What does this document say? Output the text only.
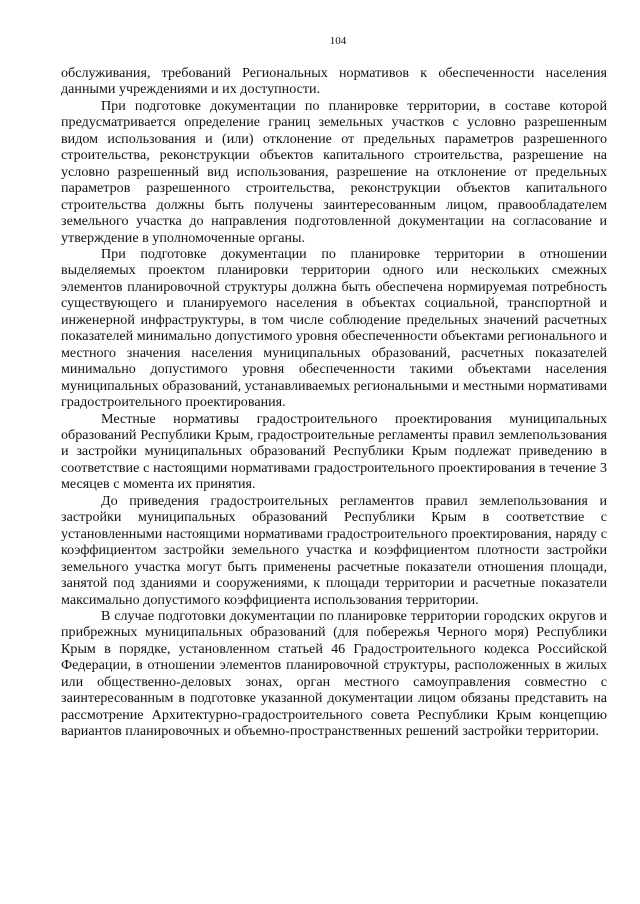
104

обслуживания, требований Региональных нормативов к обеспеченности населения данными учреждениями и их доступности.

При подготовке документации по планировке территории, в составе которой предусматривается определение границ земельных участков с условно разрешенным видом использования и (или) отклонение от предельных параметров разрешенного строительства, реконструкции объектов капитального строительства, разрешение на условно разрешенный вид использования, разрешение на отклонение от предельных параметров разрешенного строительства, реконструкции объектов капитального строительства должны быть получены заинтересованным лицом, правообладателем земельного участка до направления подготовленной документации на согласование и утверждение в уполномоченные органы.

При подготовке документации по планировке территории в отношении выделяемых проектом планировки территории одного или нескольких смежных элементов планировочной структуры должна быть обеспечена нормируемая потребность существующего и планируемого населения в объектах социальной, транспортной и инженерной инфраструктуры, в том числе соблюдение предельных значений расчетных показателей минимально допустимого уровня обеспеченности объектами регионального и местного значения населения муниципальных образований, расчетных показателей минимально допустимого уровня обеспеченности такими объектами населения муниципальных образований, устанавливаемых региональными и местными нормативами градостроительного проектирования.

Местные нормативы градостроительного проектирования муниципальных образований Республики Крым, градостроительные регламенты правил землепользования и застройки муниципальных образований Республики Крым подлежат приведению в соответствие с настоящими нормативами градостроительного проектирования в течение 3 месяцев с момента их принятия.

До приведения градостроительных регламентов правил землепользования и застройки муниципальных образований Республики Крым в соответствие с установленными настоящими нормативами градостроительного проектирования, наряду с коэффициентом застройки земельного участка и коэффициентом плотности застройки земельного участка могут быть применены расчетные показатели отношения площади, занятой под зданиями и сооружениями, к площади территории и расчетные показатели максимально допустимого коэффициента использования территории.

В случае подготовки документации по планировке территории городских округов и прибрежных муниципальных образований (для побережья Черного моря) Республики Крым в порядке, установленном статьей 46 Градостроительного кодекса Российской Федерации, в отношении элементов планировочной структуры, расположенных в жилых или общественно-деловых зонах, орган местного самоуправления совместно с заинтересованным в подготовке указанной документации лицом обязаны представить на рассмотрение Архитектурно-градостроительного совета Республики Крым концепцию вариантов планировочных и объемно-пространственных решений застройки территории.
